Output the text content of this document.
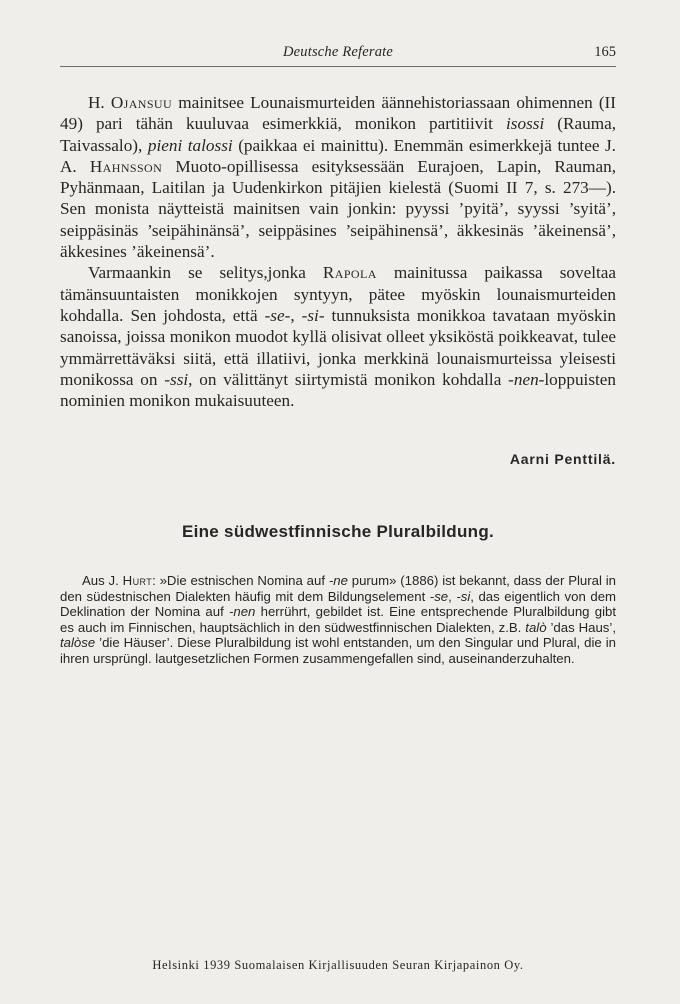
Deutsche Referate	165

H. Ojansuu mainitsee Lounaismurteiden äännehistoriassaan ohimennen (II 49) pari tähän kuuluvaa esimerkkiä, monikon partitiivit isossi (Rauma, Taivassalo), pieni talossi (paikkaa ei mainittu). Enemmän esimerkkejä tuntee J. A. Hahnsson Muoto-opillisessa esityksessään Eurajoen, Lapin, Rauman, Pyhänmaan, Laitilan ja Uudenkirkon pitäjien kielestä (Suomi II 7, s. 273—). Sen monista näytteistä mainitsen vain jonkin: pyyssi ’pyitä’, syyssi ’syitä’, seippäsinäs ’seipähinänsä’, seippäsines ’seipähinensä’, äkkesinäs ’äkeinensä’, äkkesines ’äkeinensä’.

Varmaankin se selitys,jonka Rapola mainitussa paikassa soveltaa tämänsuuntaisten monikkojen syntyyn, pätee myöskin lounaismurteiden kohdalla. Sen johdosta, että -se-, -si- tunnuksista monikkoa tavataan myöskin sanoissa, joissa monikon muodot kyllä olisivat olleet yksiköstä poikkeavat, tulee ymmärrettäväksi siitä, että illatiivi, jonka merkkinä lounaismurteissa yleisesti monikossa on -ssi, on välittänyt siirtymistä monikon kohdalla -nen-loppuisten nominien monikon mukaisuuteen.

Aarni Penttilä.
Eine südwestfinnische Pluralbildung.

Aus J. Hurt: »Die estnischen Nomina auf -ne purum» (1886) ist bekannt, dass der Plural in den südestnischen Dialekten häufig mit dem Bildungselement -se, -si, das eigentlich von dem Deklination der Nomina auf -nen herrührt, gebildet ist. Eine entsprechende Pluralbildung gibt es auch im Finnischen, hauptsächlich in den südwestfinnischen Dialekten, z.B. talò ’das Haus’, talòse ’die Häuser’. Diese Pluralbildung ist wohl entstanden, um den Singular und Plural, die in ihren ursprüngl. lautgesetzlichen Formen zusammengefallen sind, auseinanderzuhalten.

Helsinki 1939 Suomalaisen Kirjallisuuden Seuran Kirjapainon Oy.
